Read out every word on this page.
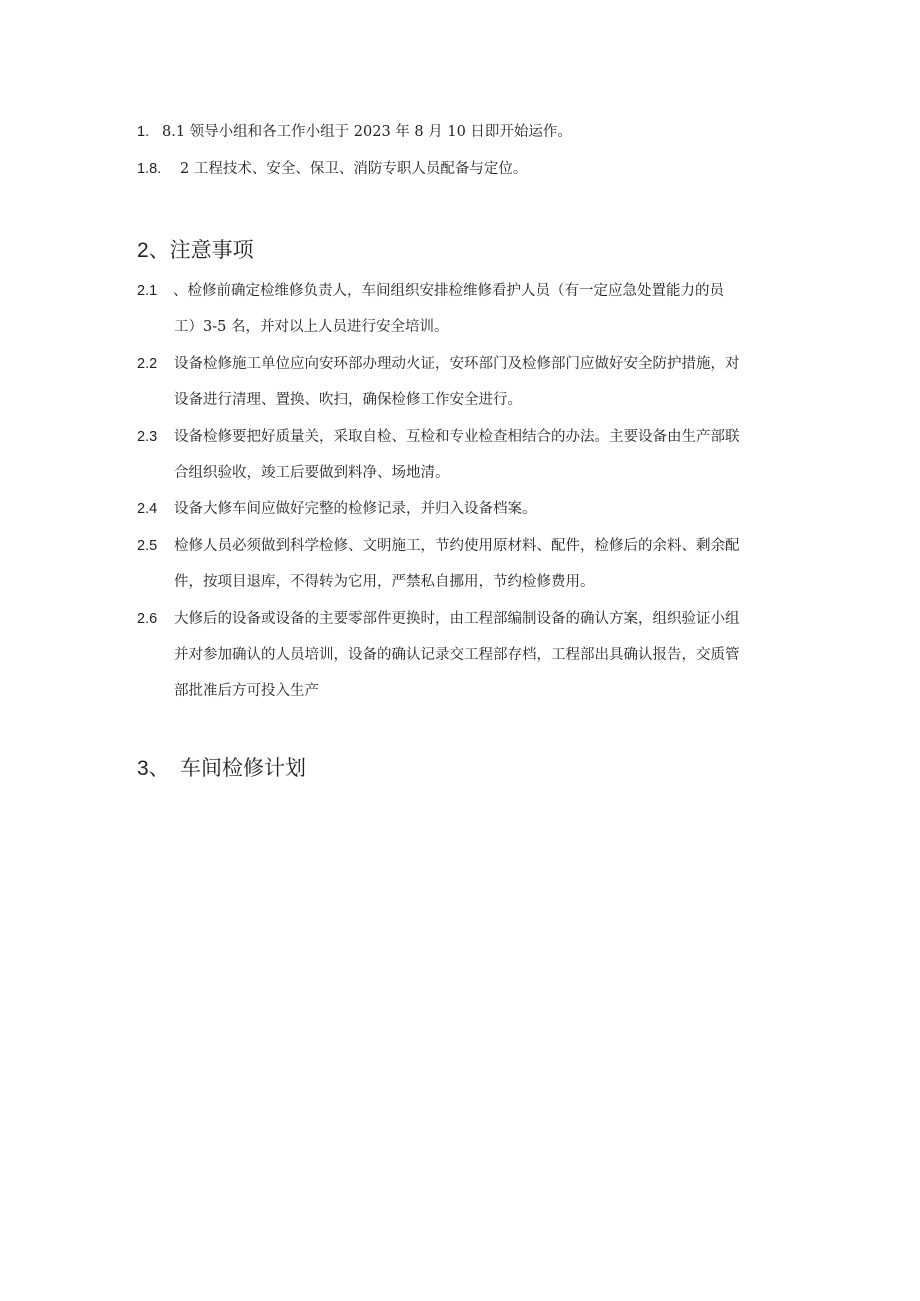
1. 8.1 领导小组和各工作小组于 2023 年 8 月 10 日即开始运作。
1.8. 2 工程技术、安全、保卫、消防专职人员配备与定位。
2、注意事项
2.1 、检修前确定检维修负责人，车间组织安排检维修看护人员（有一定应急处置能力的员
工）3-5 名，并对以上人员进行安全培训。
2.2 设备检修施工单位应向安环部办理动火证，安环部门及检修部门应做好安全防护措施，对
设备进行清理、置换、吹扫，确保检修工作安全进行。
2.3 设备检修要把好质量关，采取自检、互检和专业检查相结合的办法。主要设备由生产部联
合组织验收，竣工后要做到料净、场地清。
2.4 设备大修车间应做好完整的检修记录，并归入设备档案。
2.5 检修人员必须做到科学检修、文明施工，节约使用原材料、配件，检修后的余料、剩余配
件，按项目退库，不得转为它用，严禁私自挪用，节约检修费用。
2.6 大修后的设备或设备的主要零部件更换时，由工程部编制设备的确认方案，组织验证小组
并对参加确认的人员培训，设备的确认记录交工程部存档，工程部出具确认报告，交质管
部批准后方可投入生产
3、 车间检修计划
